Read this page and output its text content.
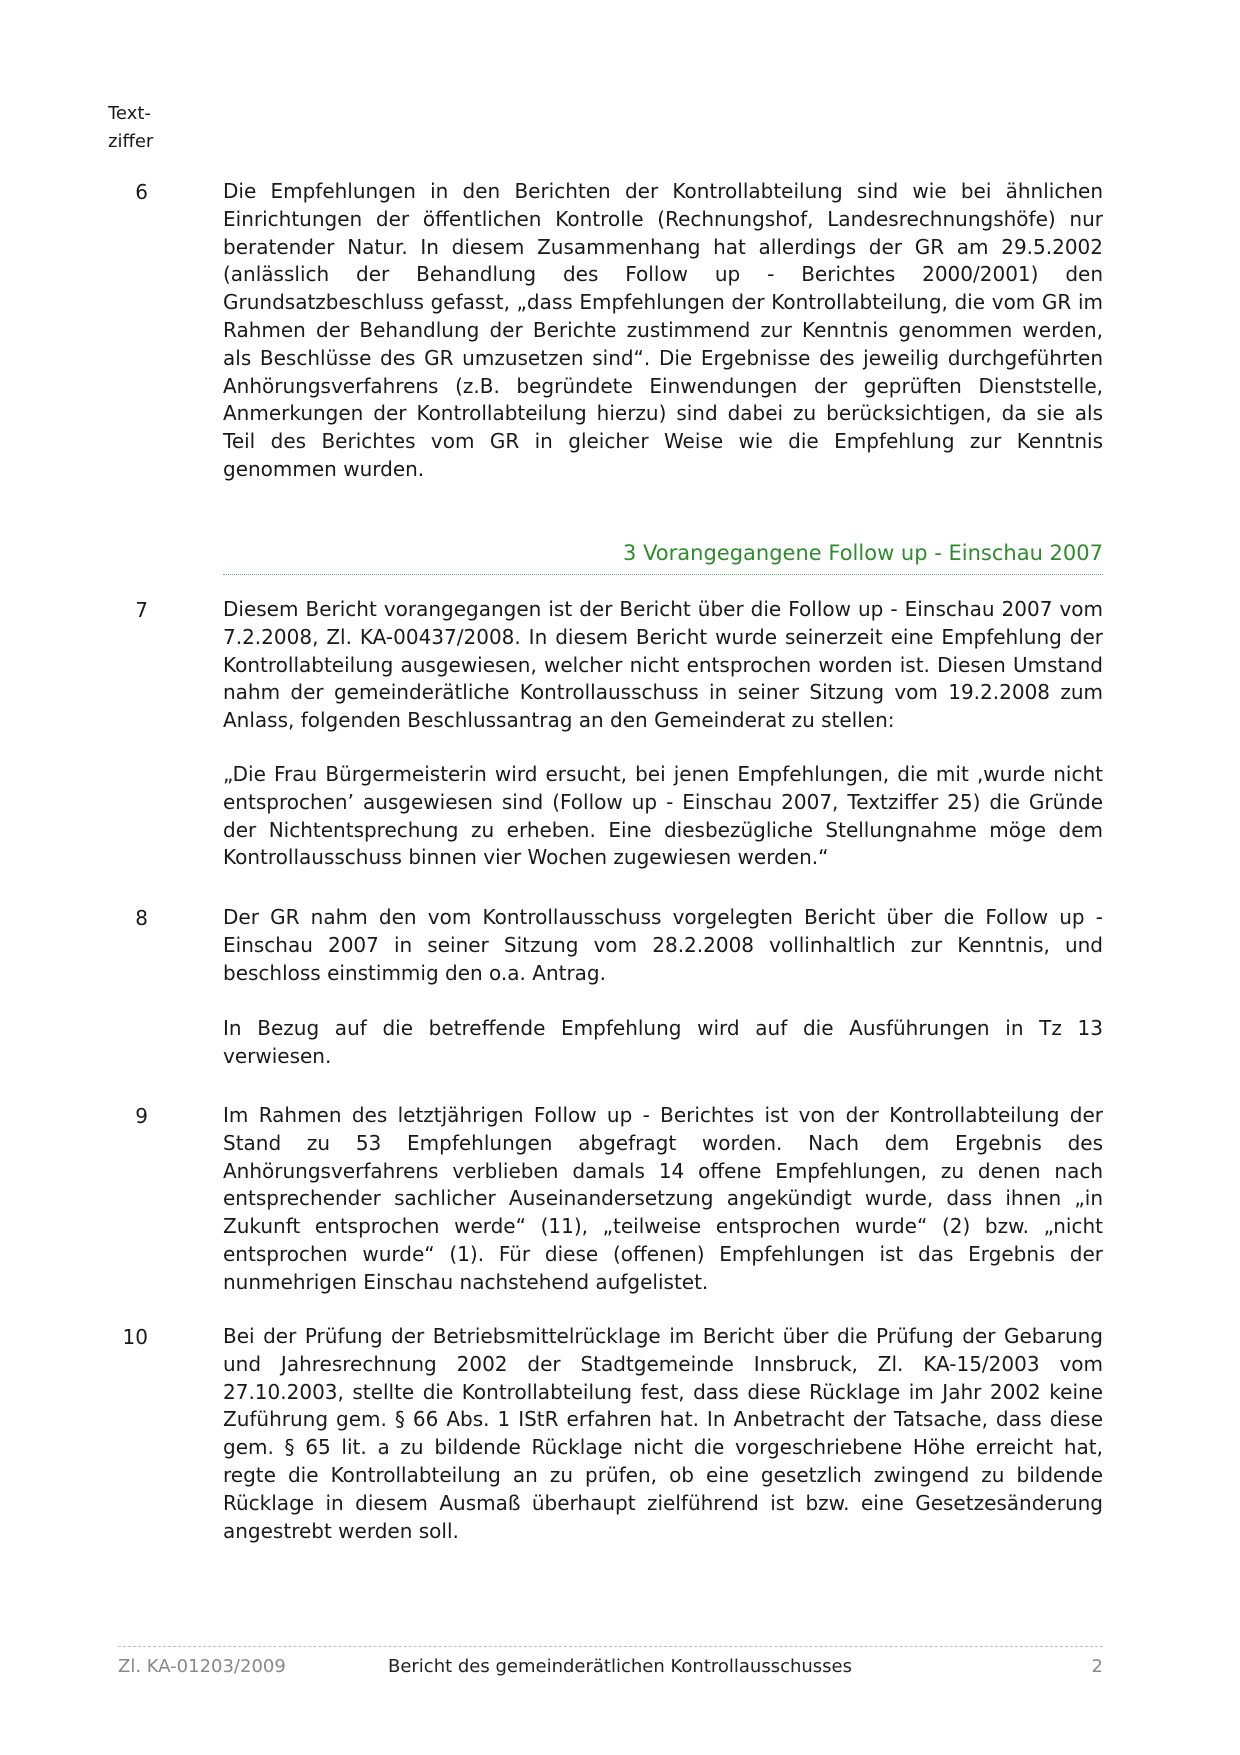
Text-
ziffer
6	Die Empfehlungen in den Berichten der Kontrollabteilung sind wie bei ähnlichen Einrichtungen der öffentlichen Kontrolle (Rechnungshof, Landesrechnungshöfe) nur beratender Natur. In diesem Zusammenhang hat allerdings der GR am 29.5.2002 (anlässlich der Behandlung des Follow up - Berichtes 2000/2001) den Grundsatzbeschluss gefasst, „dass Empfehlungen der Kontrollabteilung, die vom GR im Rahmen der Behandlung der Berichte zustimmend zur Kenntnis genommen werden, als Beschlüsse des GR umzusetzen sind“. Die Ergebnisse des jeweilig durchgeführten Anhörungsverfahrens (z.B. begründete Einwendungen der geprüften Dienststelle, Anmerkungen der Kontrollabteilung hierzu) sind dabei zu berücksichtigen, da sie als Teil des Berichtes vom GR in gleicher Weise wie die Empfehlung zur Kenntnis genommen wurden.
3 Vorangegangene Follow up - Einschau 2007
7	Diesem Bericht vorangegangen ist der Bericht über die Follow up - Einschau 2007 vom 7.2.2008, Zl. KA-00437/2008. In diesem Bericht wurde seinerzeit eine Empfehlung der Kontrollabteilung ausgewiesen, welcher nicht entsprochen worden ist. Diesen Umstand nahm der gemeinderätliche Kontrollausschuss in seiner Sitzung vom 19.2.2008 zum Anlass, folgenden Beschlussantrag an den Gemeinderat zu stellen:
„Die Frau Bürgermeisterin wird ersucht, bei jenen Empfehlungen, die mit ‚wurde nicht entsprochen’ ausgewiesen sind (Follow up - Einschau 2007, Textziffer 25) die Gründe der Nichtentsprechung zu erheben. Eine diesbezügliche Stellungnahme möge dem Kontrollausschuss binnen vier Wochen zugewiesen werden.“
8	Der GR nahm den vom Kontrollausschuss vorgelegten Bericht über die Follow up - Einschau 2007 in seiner Sitzung vom 28.2.2008 vollinhaltlich zur Kenntnis, und beschloss einstimmig den o.a. Antrag.
In Bezug auf die betreffende Empfehlung wird auf die Ausführungen in Tz 13 verwiesen.
9	Im Rahmen des letztjährigen Follow up - Berichtes ist von der Kontrollabteilung der Stand zu 53 Empfehlungen abgefragt worden. Nach dem Ergebnis des Anhörungsverfahrens verblieben damals 14 offene Empfehlungen, zu denen nach entsprechender sachlicher Auseinandersetzung angekündigt wurde, dass ihnen „in Zukunft entsprochen werde“ (11), „teilweise entsprochen wurde“ (2) bzw. „nicht entsprochen wurde“ (1). Für diese (offenen) Empfehlungen ist das Ergebnis der nunmehrigen Einschau nachstehend aufgelistet.
10	Bei der Prüfung der Betriebsmittelrücklage im Bericht über die Prüfung der Gebarung und Jahresrechnung 2002 der Stadtgemeinde Innsbruck, Zl. KA-15/2003 vom 27.10.2003, stellte die Kontrollabteilung fest, dass diese Rücklage im Jahr 2002 keine Zuführung gem. § 66 Abs. 1 IStR erfahren hat. In Anbetracht der Tatsache, dass diese gem. § 65 lit. a zu bildende Rücklage nicht die vorgeschriebene Höhe erreicht hat, regte die Kontrollabteilung an zu prüfen, ob eine gesetzlich zwingend zu bildende Rücklage in diesem Ausmaß überhaupt zielführend ist bzw. eine Gesetzesänderung angestrebt werden soll.
Zl. KA-01203/2009	Bericht des gemeinderätlichen Kontrollausschusses	2
